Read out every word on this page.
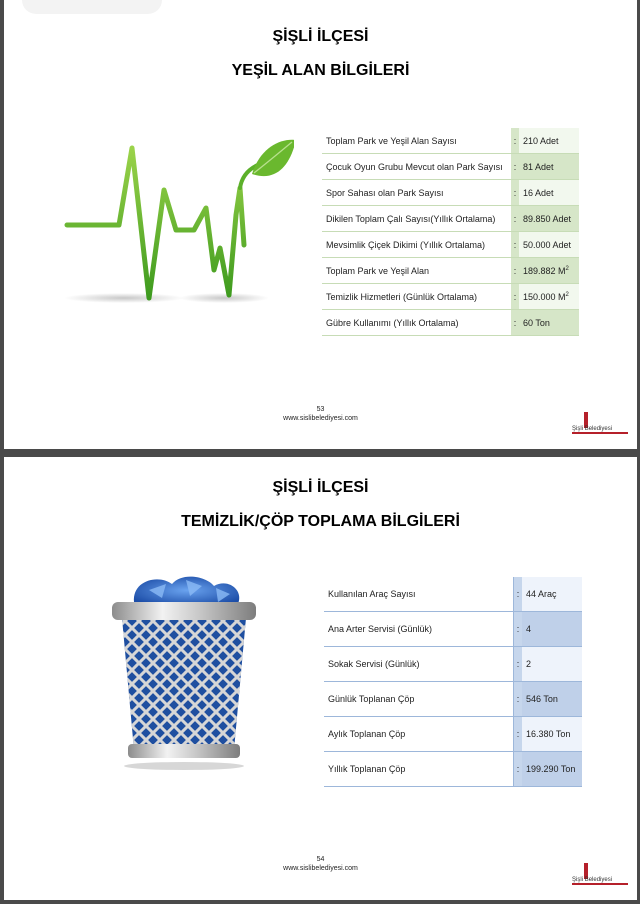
ŞİŞLİ İLÇESİ
YEŞİL ALAN BİLGİLERİ
Toplam Park ve Yeşil Alan Sayısı	:	210 Adet
Çocuk Oyun Grubu Mevcut olan Park Sayısı	:	81 Adet
Spor Sahası olan Park Sayısı	:	16 Adet
Dikilen Toplam Çalı Sayısı(Yıllık Ortalama)	:	89.850 Adet
Mevsimlik Çiçek Dikimi (Yıllık Ortalama)	:	50.000 Adet
Toplam Park ve Yeşil Alan	:	189.882 $M^2$
Temizlik Hizmetleri (Günlük Ortalama)	:	150.000 $M^2$
Gübre Kullanımı (Yıllık Ortalama)	:	60 Ton
53
www.sislibelediyesi.com
Şişli Belediyesi
ŞİŞLİ İLÇESİ
TEMİZLİK/ÇÖP TOPLAMA BİLGİLERİ
Kullanılan Araç Sayısı	:	44 Araç
Ana Arter Servisi (Günlük)	:	4
Sokak Servisi (Günlük)	:	2
Günlük Toplanan Çöp	:	546 Ton
Aylık Toplanan Çöp	:	16.380 Ton
Yıllık Toplanan Çöp	:	199.290 Ton
54
www.sislibelediyesi.com
Şişli Belediyesi
